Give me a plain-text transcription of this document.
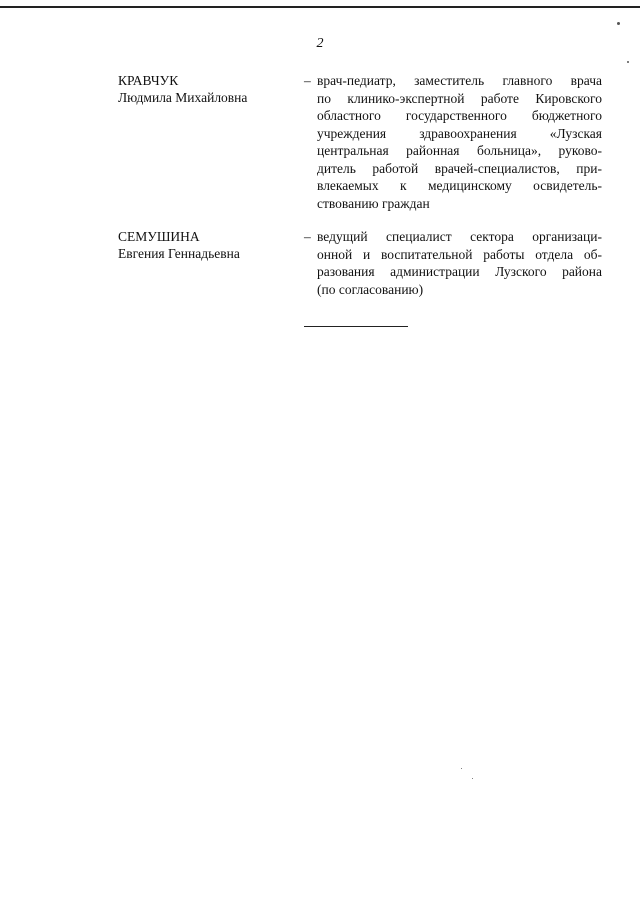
2
КРАВЧУК
Людмила Михайловна
– врач-педиатр, заместитель главного врача
по клинико-экспертной работе Кировского
областного государственного бюджетного
учреждения здравоохранения «Лузская
центральная районная больница», руково-
дитель работой врачей-специалистов, при-
влекаемых к медицинскому освидетель-
ствованию граждан
СЕМУШИНА
Евгения Геннадьевна
– ведущий специалист сектора организаци-
онной и воспитательной работы отдела об-
разования администрации Лузского района
(по согласованию)
